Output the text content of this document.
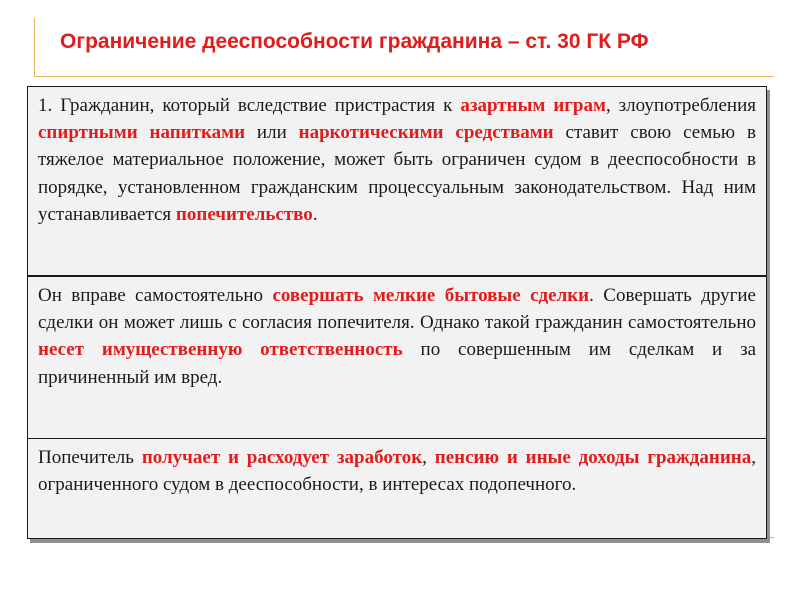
Ограничение дееспособности гражданина – ст. 30 ГК РФ
1. Гражданин, который вследствие пристрастия к азартным играм, злоупотребления спиртными напитками или наркотическими средствами ставит свою семью в тяжелое материальное положение, может быть ограничен судом в дееспособности в порядке, установленном гражданским процессуальным законодательством. Над ним устанавливается попечительство.
Он вправе самостоятельно совершать мелкие бытовые сделки. Совершать другие сделки он может лишь с согласия попечителя. Однако такой гражданин самостоятельно несет имущественную ответственность по совершенным им сделкам и за причиненный им вред.
Попечитель получает и расходует заработок, пенсию и иные доходы гражданина, ограниченного судом в дееспособности, в интересах подопечного.
